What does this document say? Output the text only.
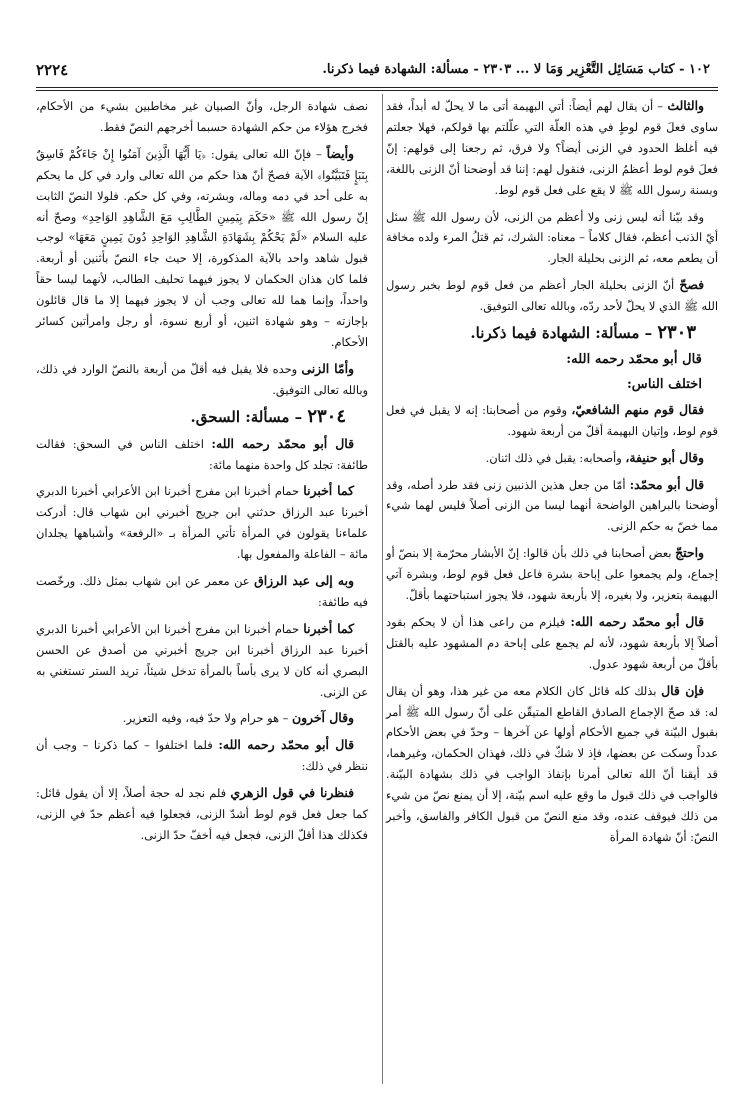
١٠٢ - كتاب مَسَائِل التَّعْزِير وَمَا لا ... ٢٣٠٣ - مسألة: الشهادة فيما ذكرنا.
٢٢٢٤

والثالث – أن يقال لهم أيضاً: أتي البهيمة أتى ما لا يحلّ له أبداً، فقد ساوى فعلَ قوم لوطٍ في هذه العلّة التي علّلتم بها قولكم، فهلا جعلتم فيه أغلظ الحدود في الزنى أيضاً؟ ولا فرق، ثم رجعنا إلى قولهم: إنّ فعلَ قوم لوط أعظمُ الزنى، فنقول لهم: إننا قد أوضحنا أنّ الزنى باللغة، وبسنة رسول الله ﷺ لا يقع على فعل قوم لوط.

وقد بيّنا أنه ليس زنى ولا أعظم من الزنى، لأن رسول الله ﷺ سئل أيّ الذنب أعظم، فقال كلاماً – معناه: الشرك، ثم قتلُ المرء ولده مخافة أن يطعم معه، ثم الزنى بحليلة الجار.

فصحّ أنّ الزنى بحليلة الجار أعظم من فعل قوم لوط بخبر رسول الله ﷺ الذي لا يحلّ لأحد ردّه، وبالله تعالى التوفيق.

٢٣٠٣ – مسألة: الشهادة فيما ذكرنا.
قال أبو محمّد رحمه الله:
اختلف الناس:

فقال قوم منهم الشافعيّ، وقوم من أصحابنا: إنه لا يقبل في فعل قوم لوط، وإتيان البهيمة أقلّ من أربعة شهود.

وقال أبو حنيفة، وأصحابه: يقبل في ذلك اثنان.

قال أبو محمّد: أمّا من جعل هذين الذنبين زنى فقد طرد أصله، وقد أوضحنا بالبراهين الواضحة أنهما ليسا من الزنى أصلاً فليس لهما شيء مما خصّ به حكم الزنى.

واحتجّ بعض أصحابنا في ذلك بأن قالوا: إنّ الأبشار محرّمة إلا بنصّ أو إجماع، ولم يجمعوا على إباحة بشرة فاعل فعل قوم لوط، وبشرة آتي البهيمة بتعزير، ولا بغيره، إلا بأربعة شهود، فلا يجوز استباحتهما بأقلّ.

قال أبو محمّد رحمه الله: فيلزم من راعى هذا أن لا يحكم بقود أصلاً إلا بأربعة شهود، لأنه لم يجمع على إباحة دم المشهود عليه بالقتل بأقلّ من أربعة شهود عدول.

فإن قال بذلك كله قائل كان الكلام معه من غير هذا، وهو أن يقال له: قد صحّ الإجماع الصادق القاطع المتيقّن على أنّ رسول الله ﷺ أمر بقبول البيّنة في جميع الأحكام أولها عن آخرها – وحدّ في بعض الأحكام عدداً وسكت عن بعضها، فإذ لا شكّ في ذلك، فهذان الحكمان، وغيرهما، قد أيقنا أنّ الله تعالى أمرنا بإنفاذ الواجب في ذلك بشهادة البيّنة. فالواجب في ذلك قبول ما وقع عليه اسم بيّنة، إلا أن يمنع نصّ من شيء من ذلك فيوقف عنده، وقد منع النصّ من قبول الكافر والفاسق، وأخبر النصّ: أنّ شهادة المرأة

نصف شهادة الرجل، وأنّ الصبيان غير مخاطبين بشيء من الأحكام، فخرج هؤلاء من حكم الشهادة حسبما أخرجهم النصّ فقط.

وأيضاً – فإنّ الله تعالى يقول: ﴿يَا أَيُّهَا الَّذِينَ آمَنُوا إِنْ جَاءَكُمْ فَاسِقٌ بِنَبَإٍ فَتَبَيَّنُوا﴾ الآية فصحّ أنّ هذا حكم من الله تعالى وارد في كل ما يحكم به على أحد في دمه وماله، وبشرته، وفي كل حكم. فلولا النصّ الثابت إنّ رسول الله ﷺ «حَكَمَ بِيَمِينِ الطَّالِبِ مَعَ الشَّاهِدِ الوَاحِدِ» وصحّ أنه عليه السلام «لَمْ يَحْكُمْ بِشَهَادَةِ الشَّاهِدِ الوَاحِدِ دُونَ يَمِينٍ مَعَهَا» لوجب قبول شاهد واحد بالآية المذكورة، إلا حيث جاء النصّ بأثنين أو أربعة. فلما كان هذان الحكمان لا يجوز فيهما تحليف الطالب، لأنهما ليسا حقاً واحداً، وإنما هما لله تعالى وجب أن لا يجوز فيهما إلا ما قال قائلون بإجازته – وهو شهادة اثنين، أو أربع نسوة، أو رجل وامرأتين كسائر الأحكام.

وأمّا الزنى وحده فلا يقبل فيه أقلّ من أربعة بالنصّ الوارد في ذلك، وبالله تعالى التوفيق.

٢٣٠٤ – مسألة: السحق.

قال أبو محمّد رحمه الله: اختلف الناس في السحق: فقالت طائفة: تجلد كل واحدة منهما مائة:

كما أخبرنا حمام أخبرنا ابن مفرج أخبرنا ابن الأعرابي أخبرنا الدبري أخبرنا عبد الرزاق حدثني ابن جريج أخبرني ابن شهاب قال: أدركت علماءنا يقولون في المرأة تأتي المرأة بـ «الرفعة» وأشباهها يجلدان مائة – الفاعلة والمفعول بها.

وبه إلى عبد الرزاق عن معمر عن ابن شهاب بمثل ذلك. ورخّصت فيه طائفة:

كما أخبرنا حمام أخبرنا ابن مفرج أخبرنا ابن الأعرابي أخبرنا الدبري أخبرنا عبد الرزاق أخبرنا ابن جريج أخبرني من أصدق عن الحسن البصري أنه كان لا يرى بأساً بالمرأة تدخل شيئاً، تريد الستر تستغني به عن الزنى.

وقال آخرون – هو حرام ولا حدّ فيه، وفيه التعزير.

قال أبو محمّد رحمه الله: فلما اختلفوا – كما ذكرنا – وجب أن ننظر في ذلك:

فنظرنا في قول الزهري فلم نجد له حجة أصلاً، إلا أن يقول قائل: كما جعل فعل قوم لوط أشدّ الزنى، فجعلوا فيه أعظم حدّ في الزنى، فكذلك هذا أقلّ الزنى، فجعل فيه أخفّ حدّ الزنى.
